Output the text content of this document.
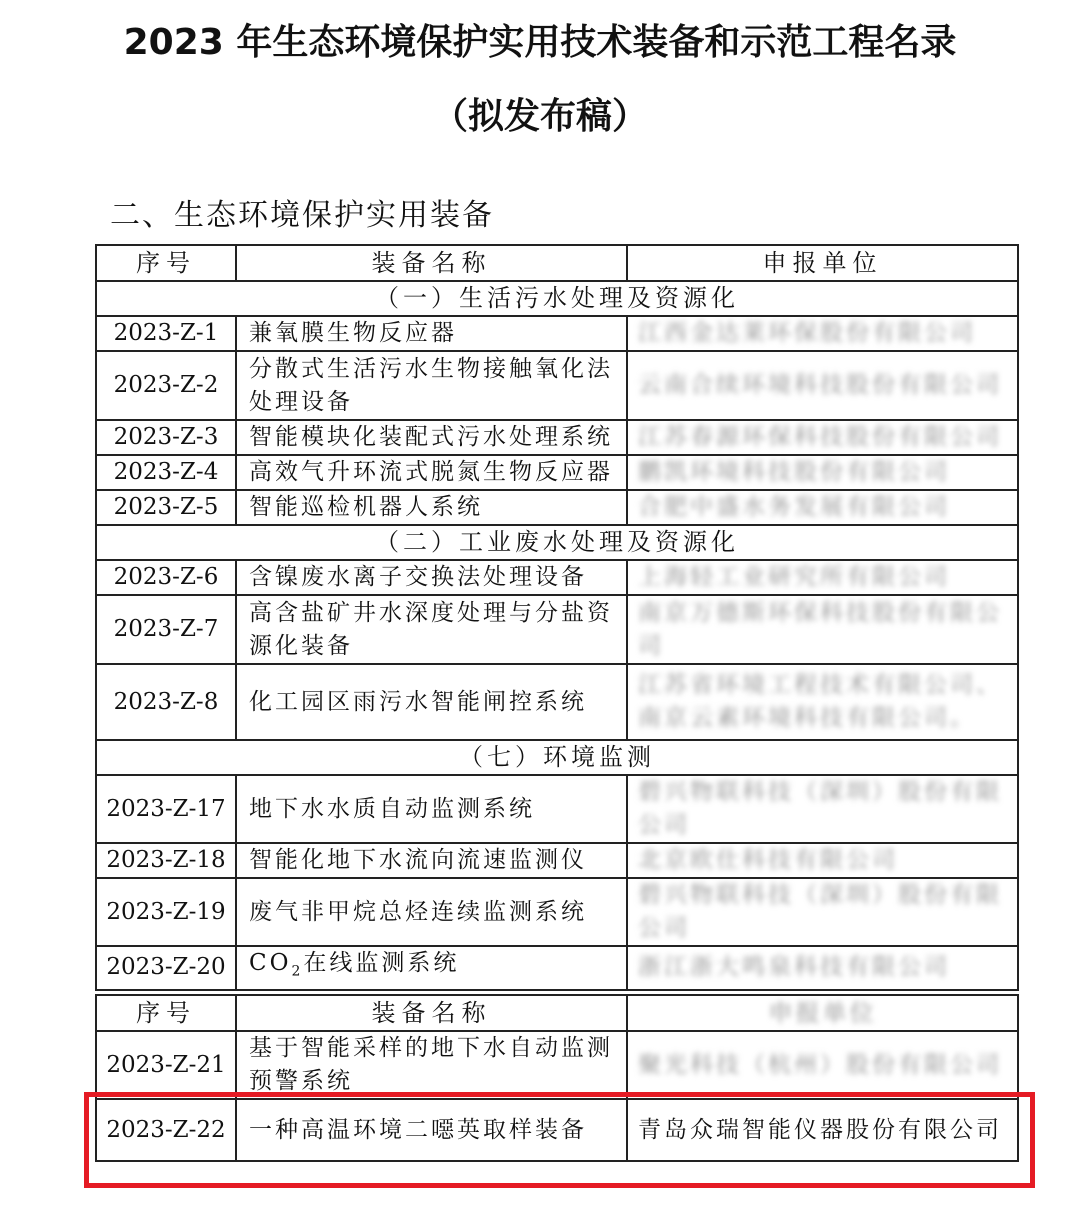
2023 年生态环境保护实用技术装备和示范工程名录
（拟发布稿）
二、生态环境保护实用装备
序号	装备名称	申报单位
（一）生活污水处理及资源化		
2023-Z-1	兼氧膜生物反应器	江西金达莱环保股份有限公司
2023-Z-2	分散式生活污水生物接触氧化法处理设备	云南合续环境科技股份有限公司
2023-Z-3	智能模块化装配式污水处理系统	江苏春源环保科技股份有限公司
2023-Z-4	高效气升环流式脱氮生物反应器	鹏凯环境科技股份有限公司
2023-Z-5	智能巡检机器人系统	合肥中盛水务发展有限公司
（二）工业废水处理及资源化		
2023-Z-6	含镍废水离子交换法处理设备	上海轻工业研究所有限公司
2023-Z-7	高含盐矿井水深度处理与分盐资源化装备	南京万德斯环保科技股份有限公司
2023-Z-8	化工园区雨污水智能闸控系统	江苏省环境工程技术有限公司、南京云素环境科技有限公司。
（七）环境监测		
2023-Z-17	地下水水质自动监测系统	碧兴物联科技（深圳）股份有限公司
2023-Z-18	智能化地下水流向流速监测仪	北京欧仕科技有限公司
2023-Z-19	废气非甲烷总烃连续监测系统	碧兴物联科技（深圳）股份有限公司
2023-Z-20	$CO_2$在线监测系统	浙江浙大鸣泉科技有限公司
序号	装备名称	申报单位
2023-Z-21	基于智能采样的地下水自动监测预警系统	聚光科技（杭州）股份有限公司
2023-Z-22	一种高温环境二噁英取样装备	青岛众瑞智能仪器股份有限公司
